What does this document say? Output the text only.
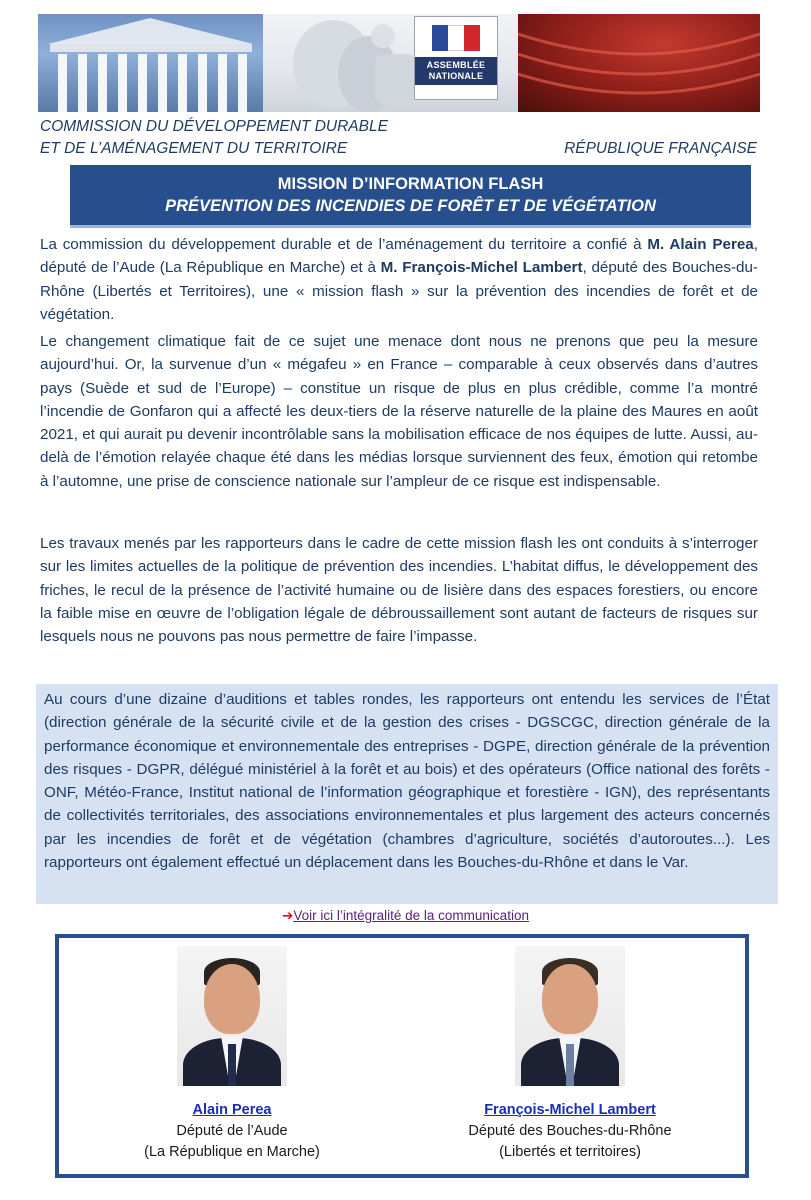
ASSEMBLÉE
NATIONALE
COMMISSION DU DÉVELOPPEMENT DURABLE
ET DE L’AMÉNAGEMENT DU TERRITOIRE	RÉPUBLIQUE FRANÇAISE
MISSION D’INFORMATION FLASH
PRÉVENTION DES INCENDIES DE FORÊT ET DE VÉGÉTATION

La commission du développement durable et de l’aménagement du territoire a confié à M. Alain Perea, député de l’Aude (La République en Marche) et à M. François-Michel Lambert, député des Bouches-du-Rhône (Libertés et Territoires), une « mission flash » sur la prévention des incendies de forêt et de végétation.

Le changement climatique fait de ce sujet une menace dont nous ne prenons que peu la mesure aujourd’hui. Or, la survenue d’un « mégafeu » en France – comparable à ceux observés dans d’autres pays (Suède et sud de l’Europe) – constitue un risque de plus en plus crédible, comme l’a montré l’incendie de Gonfaron qui a affecté les deux-tiers de la réserve naturelle de la plaine des Maures en août 2021, et qui aurait pu devenir incontrôlable sans la mobilisation efficace de nos équipes de lutte. Aussi, au-delà de l’émotion relayée chaque été dans les médias lorsque surviennent des feux, émotion qui retombe à l’automne, une prise de conscience nationale sur l’ampleur de ce risque est indispensable.

Les travaux menés par les rapporteurs dans le cadre de cette mission flash les ont conduits à s’interroger sur les limites actuelles de la politique de prévention des incendies. L’habitat diffus, le développement des friches, le recul de la présence de l’activité humaine ou de lisière dans des espaces forestiers, ou encore la faible mise en œuvre de l’obligation légale de débroussaillement sont autant de facteurs de risques sur lesquels nous ne pouvons pas nous permettre de faire l’impasse.

Au cours d’une dizaine d’auditions et tables rondes, les rapporteurs ont entendu les services de l’État (direction générale de la sécurité civile et de la gestion des crises - DGSCGC, direction générale de la performance économique et environnementale des entreprises - DGPE, direction générale de la prévention des risques - DGPR, délégué ministériel à la forêt et au bois) et des opérateurs (Office national des forêts - ONF, Météo-France, Institut national de l’information géographique et forestière - IGN), des représentants de collectivités territoriales, des associations environnementales et plus largement des acteurs concernés par les incendies de forêt et de végétation (chambres d’agriculture, sociétés d’autoroutes...). Les rapporteurs ont également effectué un déplacement dans les Bouches-du-Rhône et dans le Var.

➔Voir ici l’intégralité de la communication
Alain Perea
Député de l’Aude
(La République en Marche)
François-Michel Lambert
Député des Bouches-du-Rhône
(Libertés et territoires)
